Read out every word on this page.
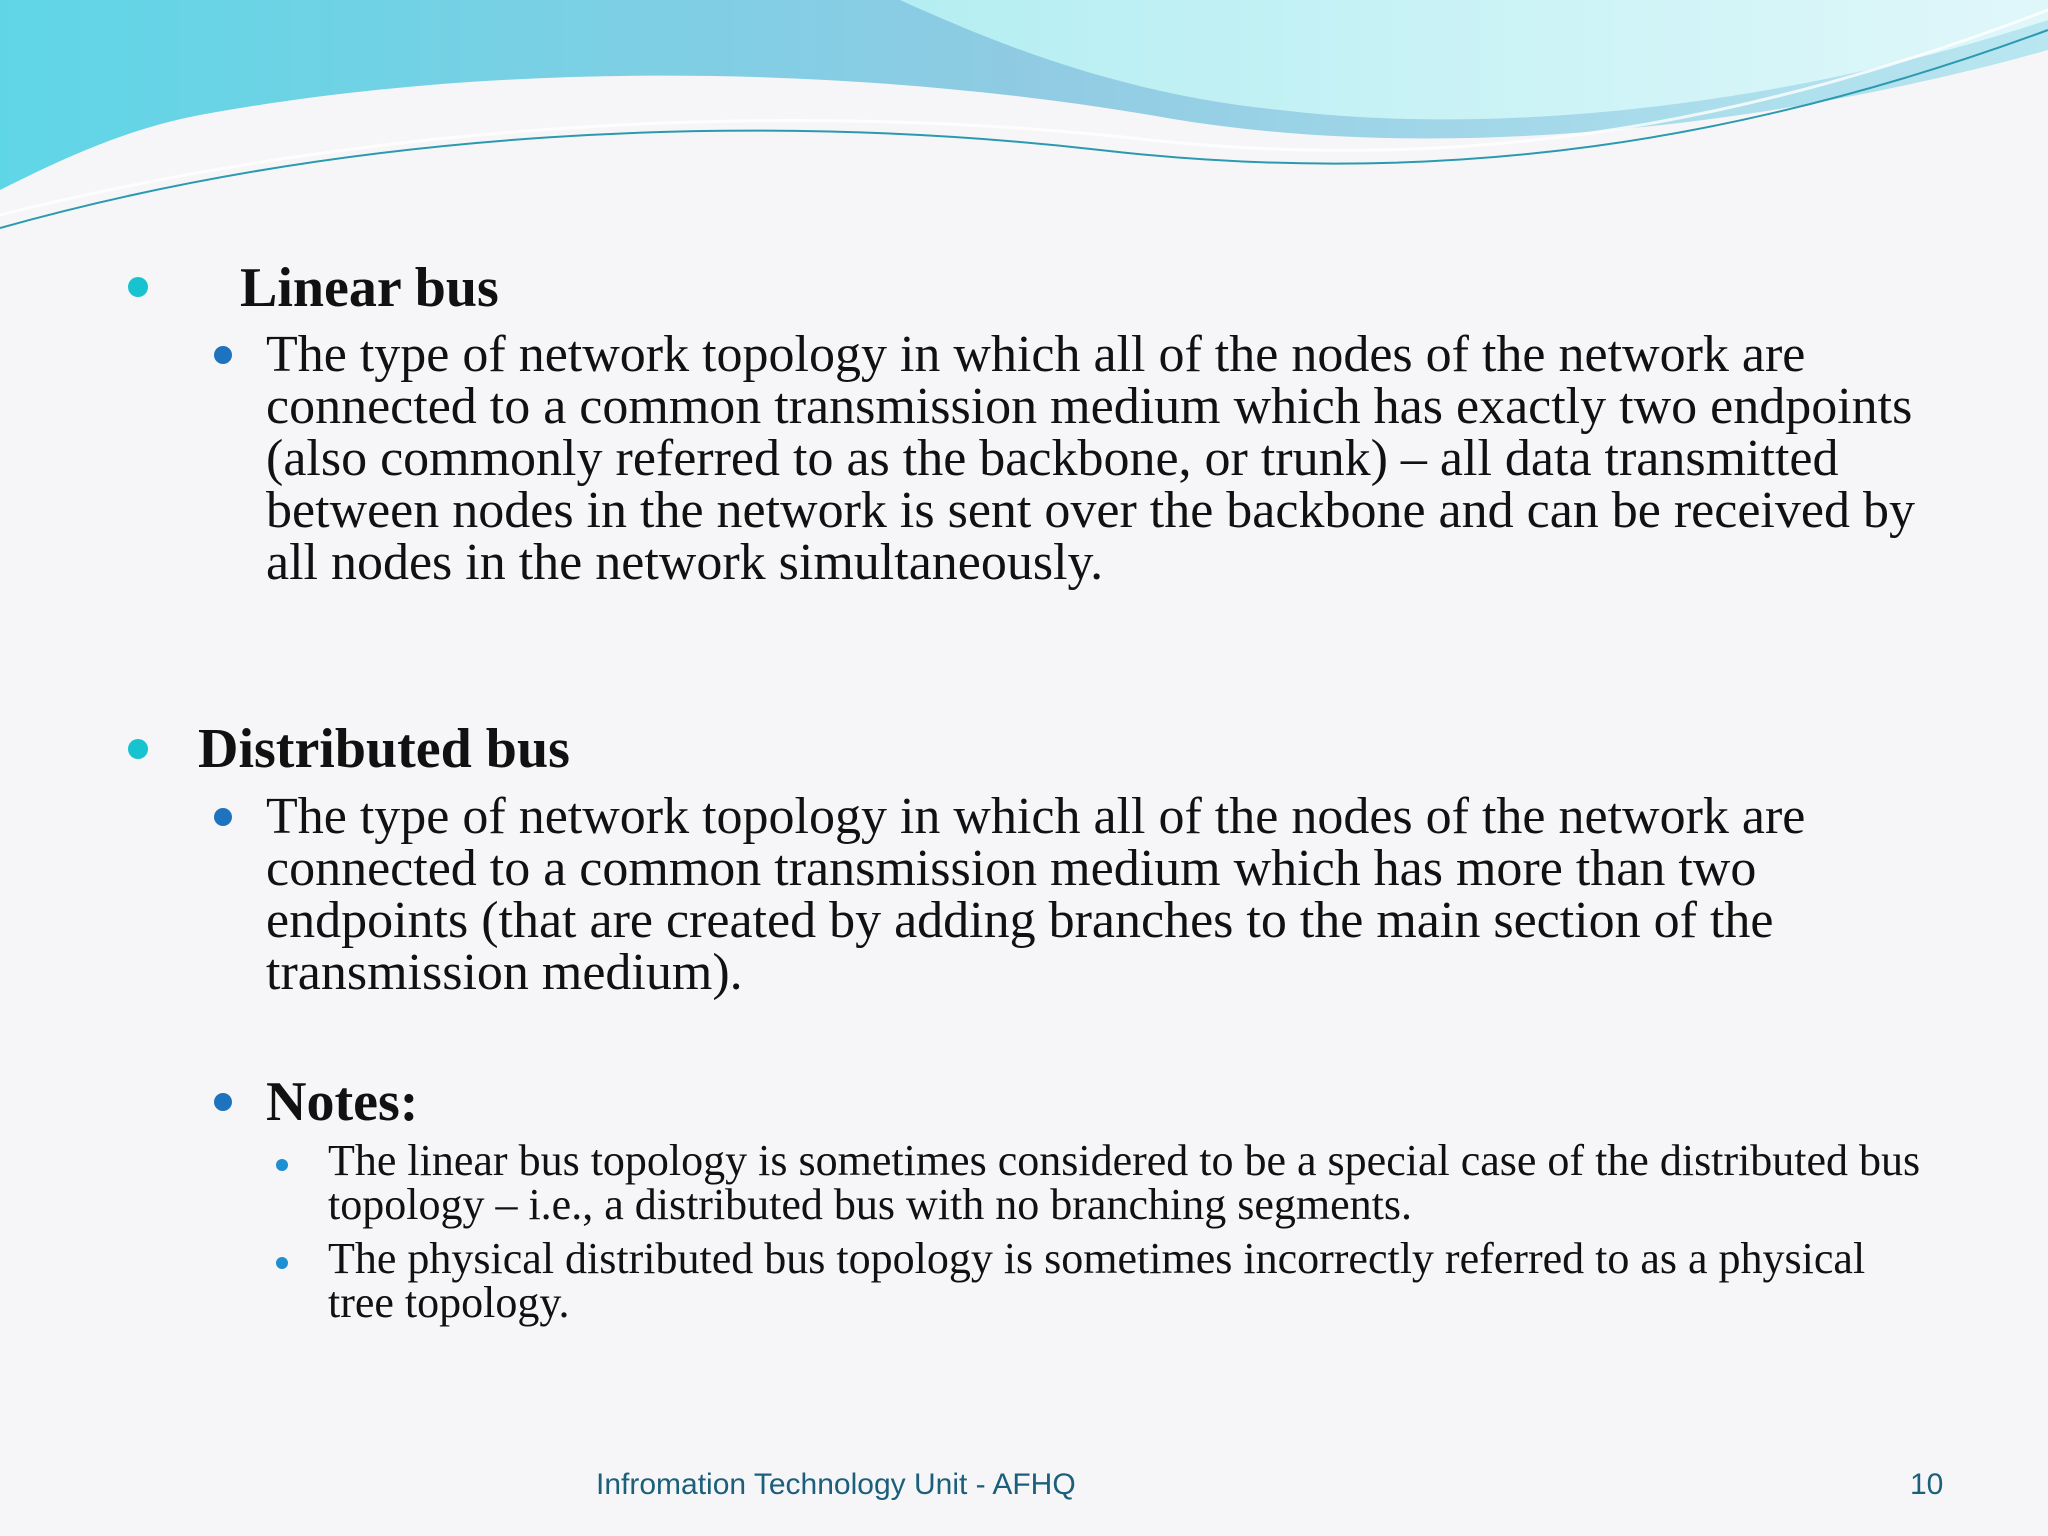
Linear bus
The type of network topology in which all of the nodes of the network are connected to a common transmission medium which has exactly two endpoints (also commonly referred to as the backbone, or trunk) – all data transmitted between nodes in the network is sent over the backbone and can be received by all nodes in the network simultaneously.
Distributed bus
The type of network topology in which all of the nodes of the network are connected to a common transmission medium which has more than two endpoints (that are created by adding branches to the main section of the transmission medium).
Notes:
The linear bus topology is sometimes considered to be a special case of the distributed bus topology – i.e., a distributed bus with no branching segments.
The physical distributed bus topology is sometimes incorrectly referred to as a physical tree topology.
Infromation Technology Unit - AFHQ	10
